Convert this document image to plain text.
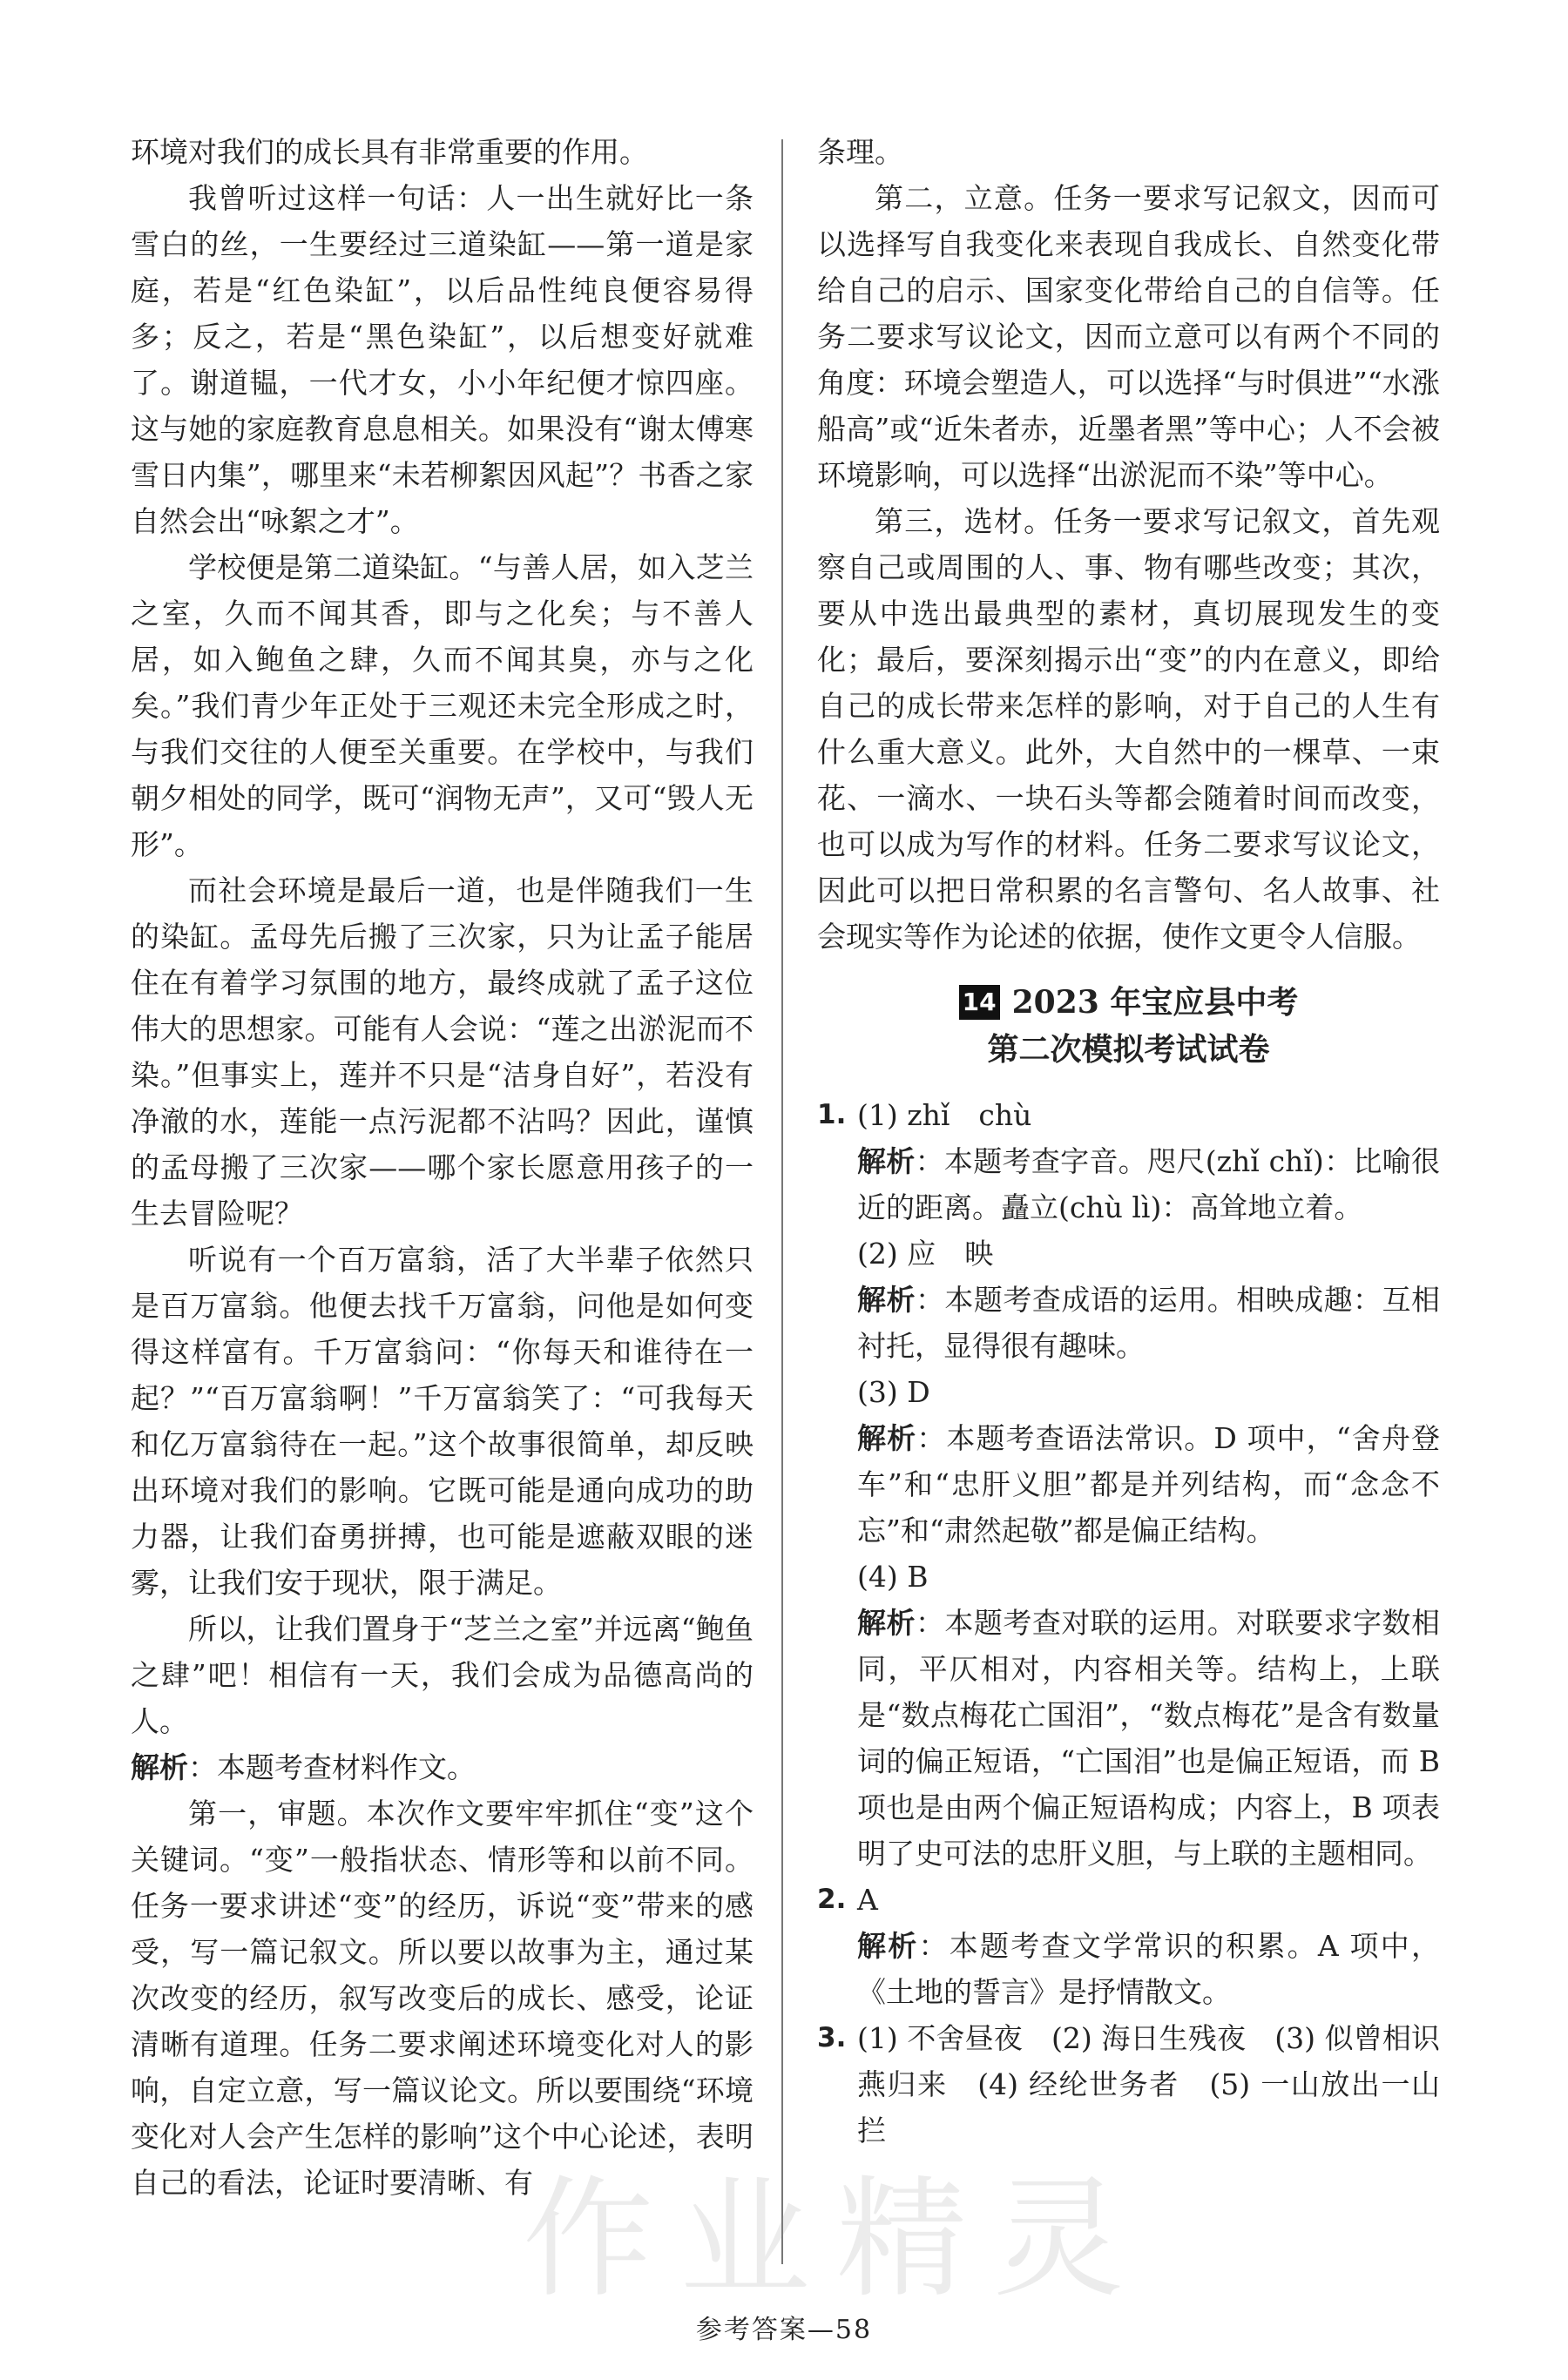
环境对我们的成长具有非常重要的作用。

我曾听过这样一句话：人一出生就好比一条雪白的丝，一生要经过三道染缸——第一道是家庭，若是“红色染缸”，以后品性纯良便容易得多；反之，若是“黑色染缸”，以后想变好就难了。谢道韫，一代才女，小小年纪便才惊四座。这与她的家庭教育息息相关。如果没有“谢太傅寒雪日内集”，哪里来“未若柳絮因风起”？书香之家自然会出“咏絮之才”。

学校便是第二道染缸。“与善人居，如入芝兰之室，久而不闻其香，即与之化矣；与不善人居，如入鲍鱼之肆，久而不闻其臭，亦与之化矣。”我们青少年正处于三观还未完全形成之时，与我们交往的人便至关重要。在学校中，与我们朝夕相处的同学，既可“润物无声”，又可“毁人无形”。

而社会环境是最后一道，也是伴随我们一生的染缸。孟母先后搬了三次家，只为让孟子能居住在有着学习氛围的地方，最终成就了孟子这位伟大的思想家。可能有人会说：“莲之出淤泥而不染。”但事实上，莲并不只是“洁身自好”，若没有净澈的水，莲能一点污泥都不沾吗？因此，谨慎的孟母搬了三次家——哪个家长愿意用孩子的一生去冒险呢？

听说有一个百万富翁，活了大半辈子依然只是百万富翁。他便去找千万富翁，问他是如何变得这样富有。千万富翁问：“你每天和谁待在一起？”“百万富翁啊！”千万富翁笑了：“可我每天和亿万富翁待在一起。”这个故事很简单，却反映出环境对我们的影响。它既可能是通向成功的助力器，让我们奋勇拼搏，也可能是遮蔽双眼的迷雾，让我们安于现状，限于满足。

所以，让我们置身于“芝兰之室”并远离“鲍鱼之肆”吧！相信有一天，我们会成为品德高尚的人。

解析：本题考查材料作文。

第一，审题。本次作文要牢牢抓住“变”这个关键词。“变”一般指状态、情形等和以前不同。任务一要求讲述“变”的经历，诉说“变”带来的感受，写一篇记叙文。所以要以故事为主，通过某次改变的经历，叙写改变后的成长、感受，论证清晰有道理。任务二要求阐述环境变化对人的影响，自定立意，写一篇议论文。所以要围绕“环境变化对人会产生怎样的影响”这个中心论述，表明自己的看法，论证时要清晰、有

条理。

第二，立意。任务一要求写记叙文，因而可以选择写自我变化来表现自我成长、自然变化带给自己的启示、国家变化带给自己的自信等。任务二要求写议论文，因而立意可以有两个不同的角度：环境会塑造人，可以选择“与时俱进”“水涨船高”或“近朱者赤，近墨者黑”等中心；人不会被环境影响，可以选择“出淤泥而不染”等中心。

第三，选材。任务一要求写记叙文，首先观察自己或周围的人、事、物有哪些改变；其次，要从中选出最典型的素材，真切展现发生的变化；最后，要深刻揭示出“变”的内在意义，即给自己的成长带来怎样的影响，对于自己的人生有什么重大意义。此外，大自然中的一棵草、一束花、一滴水、一块石头等都会随着时间而改变，也可以成为写作的材料。任务二要求写议论文，因此可以把日常积累的名言警句、名人故事、社会现实等作为论述的依据，使作文更令人信服。

14 2023 年宝应县中考
第二次模拟考试试卷
1. (1) zhǐ　chù

解析：本题考查字音。咫尺(zhǐ chǐ)：比喻很近的距离。矗立(chù lì)：高耸地立着。

(2) 应　映

解析：本题考查成语的运用。相映成趣：互相衬托，显得很有趣味。

(3) D

解析：本题考查语法常识。D 项中，“舍舟登车”和“忠肝义胆”都是并列结构，而“念念不忘”和“肃然起敬”都是偏正结构。

(4) B

解析：本题考查对联的运用。对联要求字数相同，平仄相对，内容相关等。结构上，上联是“数点梅花亡国泪”，“数点梅花”是含有数量词的偏正短语，“亡国泪”也是偏正短语，而 B 项也是由两个偏正短语构成；内容上，B 项表明了史可法的忠肝义胆，与上联的主题相同。

2. A

解析：本题考查文学常识的积累。A 项中，《土地的誓言》是抒情散文。

3. (1) 不舍昼夜　(2) 海日生残夜　(3) 似曾相识燕归来　(4) 经纶世务者　(5) 一山放出一山拦

作业精灵
参考答案—58
